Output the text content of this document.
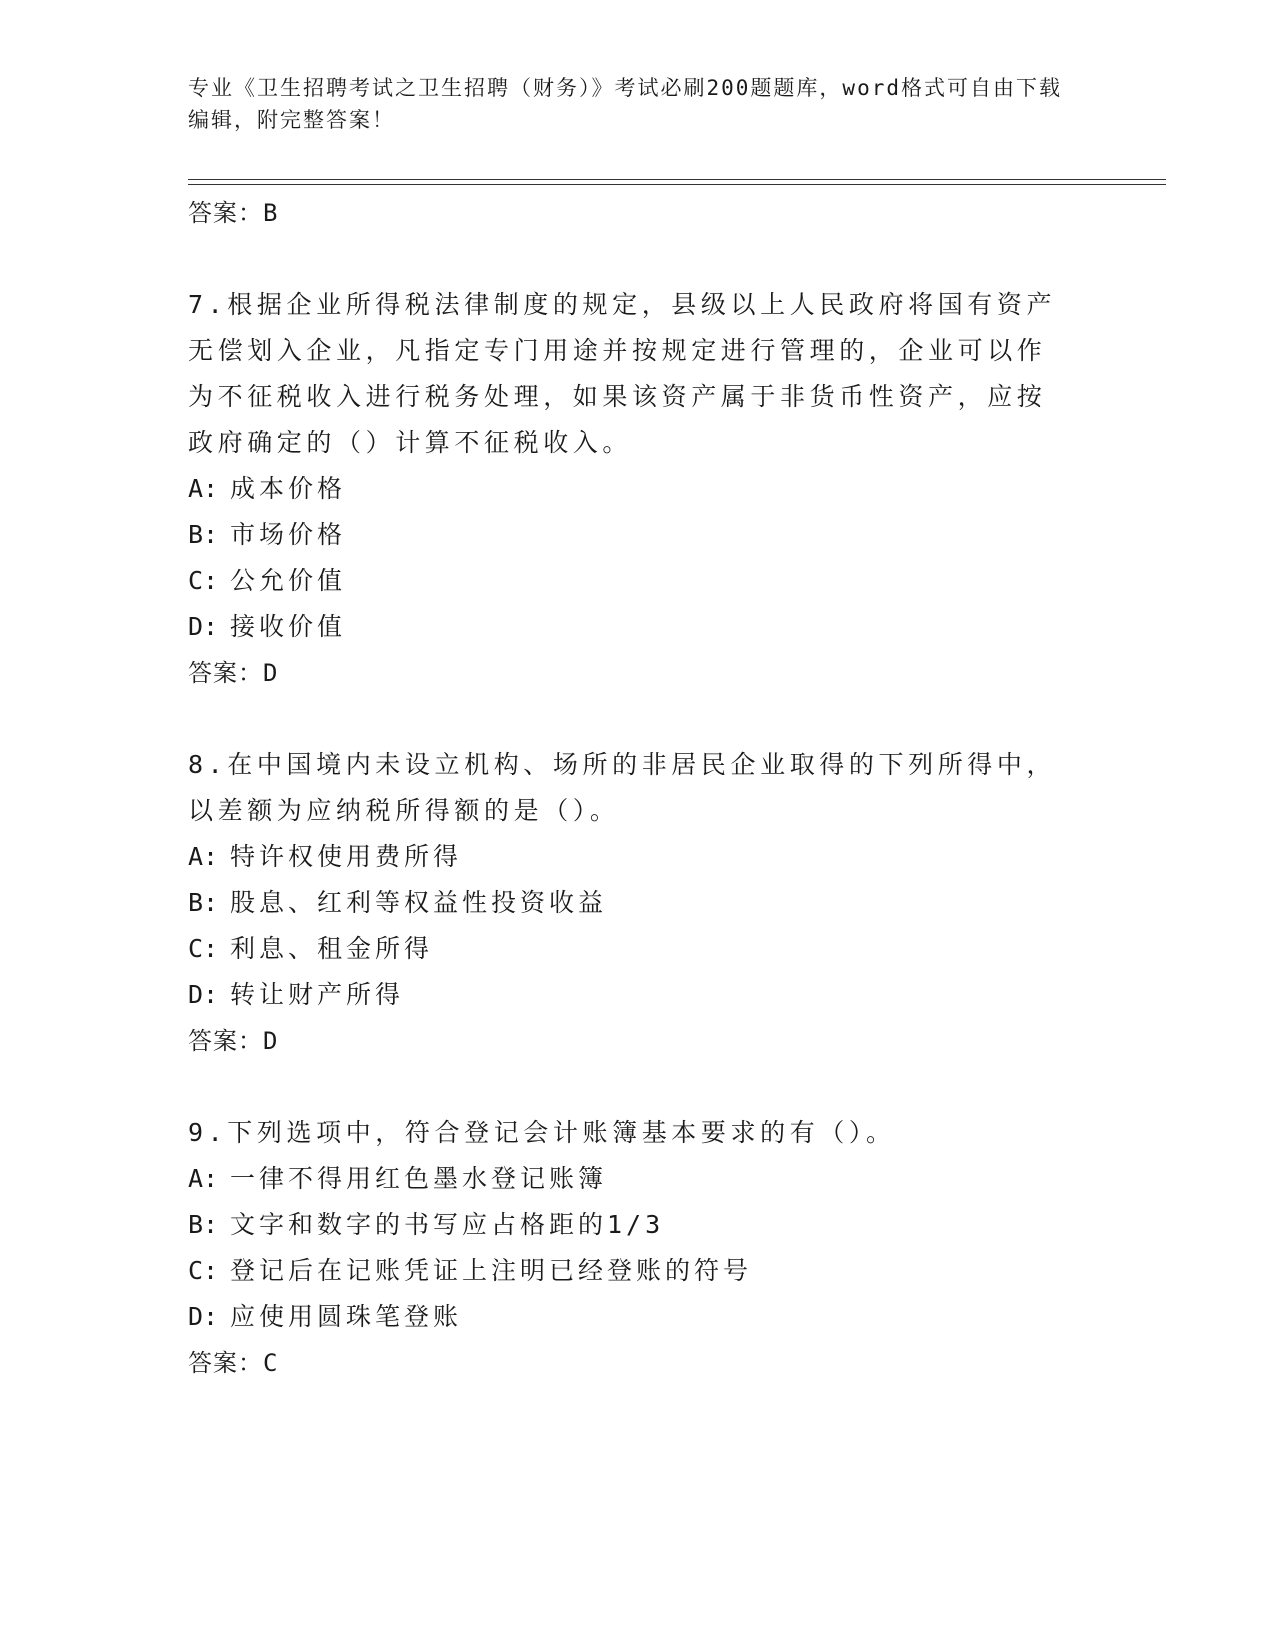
专业《卫生招聘考试之卫生招聘（财务）》考试必刷200题题库，word格式可自由下载编辑，附完整答案！
答案：B
7.根据企业所得税法律制度的规定，县级以上人民政府将国有资产无偿划入企业，凡指定专门用途并按规定进行管理的，企业可以作为不征税收入进行税务处理，如果该资产属于非货币性资产，应按政府确定的（）计算不征税收入。
A: 成本价格
B: 市场价格
C: 公允价值
D: 接收价值
答案：D
8.在中国境内未设立机构、场所的非居民企业取得的下列所得中，以差额为应纳税所得额的是（）。
A: 特许权使用费所得
B: 股息、红利等权益性投资收益
C: 利息、租金所得
D: 转让财产所得
答案：D
9.下列选项中，符合登记会计账簿基本要求的有（）。
A: 一律不得用红色墨水登记账簿
B: 文字和数字的书写应占格距的1/3
C: 登记后在记账凭证上注明已经登账的符号
D: 应使用圆珠笔登账
答案：C
